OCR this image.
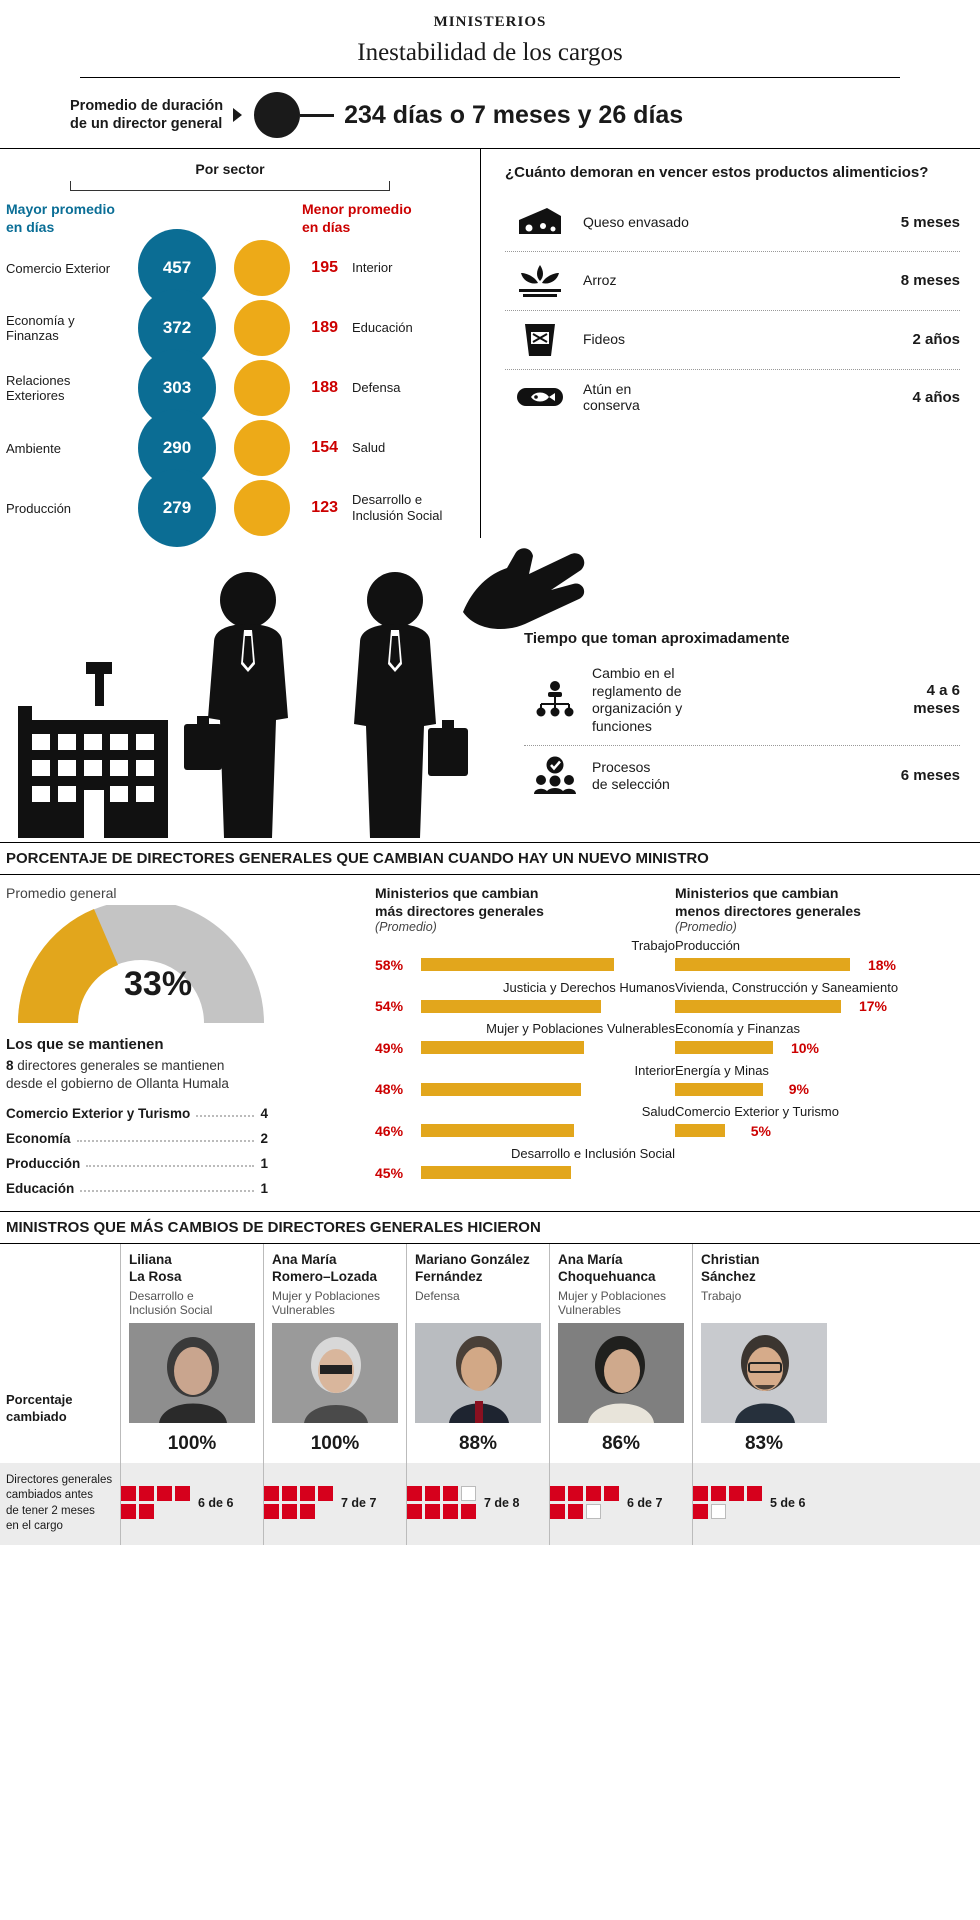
MINISTERIOS
Inestabilidad de los cargos
Promedio de duración
de un director general	234 días o 7 meses y 26 días
Por sector
Mayor promedio
en días
Menor promedio
en días
Comercio Exterior	457	195	Interior
Economía y Finanzas	372	189	Educación
Relaciones Exteriores	303	188	Defensa
Ambiente	290	154	Salud
Producción	279	123	Desarrollo e Inclusión Social
¿Cuánto demoran en vencer estos productos alimenticios?
Queso envasado	5 meses
Arroz	8 meses
Fideos	2 años
Atún en
conserva	4 años
Tiempo que toman aproximadamente
Cambio en el
reglamento de
organización y
funciones
4 a 6
meses
Procesos
de selección	6 meses
PORCENTAJE DE DIRECTORES GENERALES QUE CAMBIAN CUANDO HAY UN NUEVO MINISTRO
Promedio general
33%
Los que se mantienen
8 directores generales se mantienen desde el gobierno de Ollanta Humala
Comercio Exterior y Turismo	4
Economía	2
Producción	1
Educación	1
Ministerios que cambian
más directores generales
(Promedio)
Trabajo
58%
Justicia y Derechos Humanos
54%
Mujer y Poblaciones Vulnerables
49%
Interior
48%
Salud
46%
Desarrollo e Inclusión Social
45%
Ministerios que cambian
menos directores generales
(Promedio)
Producción
18%
Vivienda, Construcción y Saneamiento
17%
Economía y Finanzas
10%
Energía y Minas
9%
Comercio Exterior y Turismo
5%
MINISTROS QUE MÁS CAMBIOS DE DIRECTORES GENERALES HICIERON
Porcentaje
cambiado
Liliana
La Rosa
Desarrollo e
Inclusión Social
100%
Ana María
Romero–Lozada
Mujer y Poblaciones
Vulnerables
100%
Mariano González
Fernández
Defensa
88%
Ana María
Choquehuanca
Mujer y Poblaciones
Vulnerables
86%
Christian
Sánchez
Trabajo
83%
Directores generales
cambiados antes
de tener 2 meses
en el cargo
6 de 6	7 de 7	7 de 8	6 de 7	5 de 6
